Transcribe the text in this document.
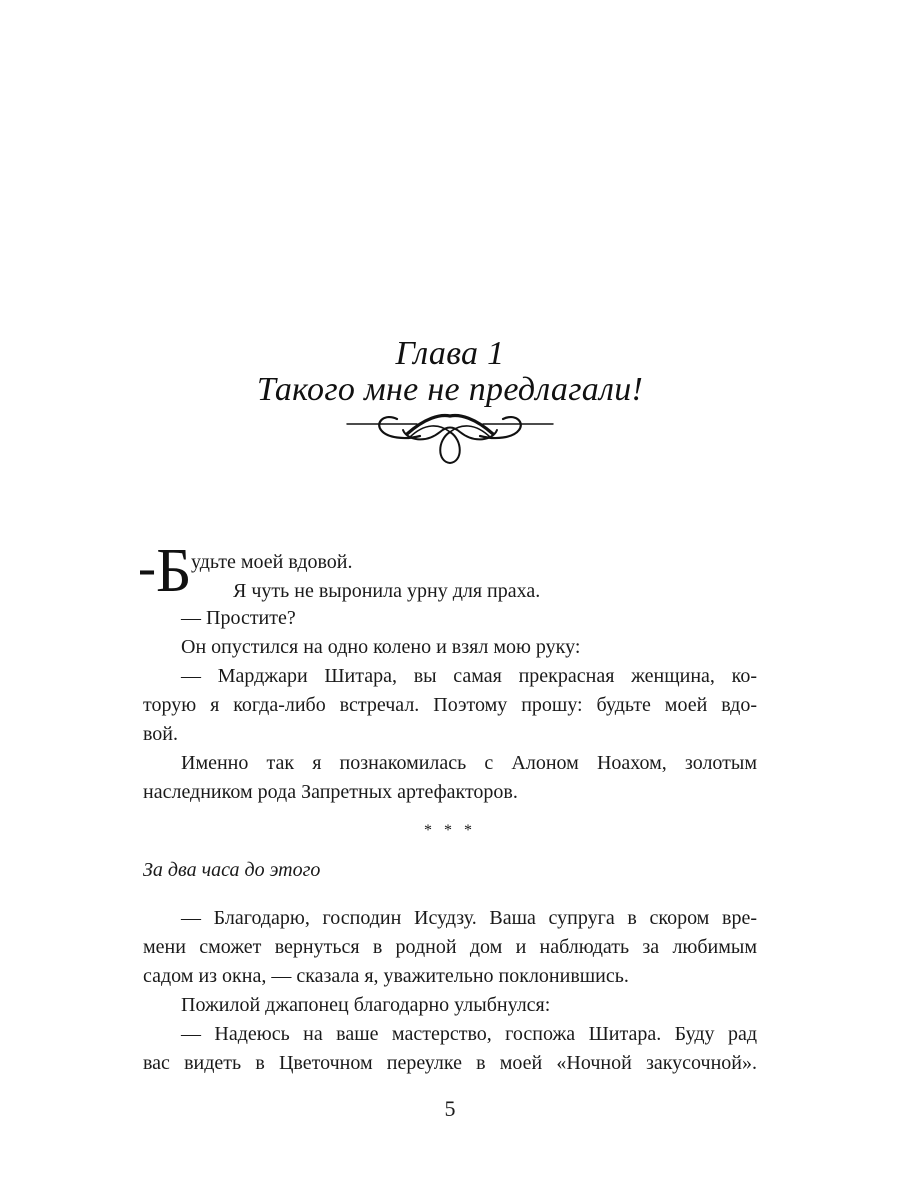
Глава 1
Такого мне не предлагали!
-Б удьте моей вдовой.
Я чуть не выронила урну для праха.
— Простите?
Он опустился на одно колено и взял мою руку:
— Марджари Шитара, вы самая прекрасная женщина, ко-
торую я когда-либо встречал. Поэтому прошу: будьте моей вдо-
вой.
Именно так я познакомилась с Алоном Ноахом, золотым
наследником рода Запретных артефакторов.
* * *
За два часа до этого
— Благодарю, господин Исудзу. Ваша супруга в скором вре-
мени сможет вернуться в родной дом и наблюдать за любимым
садом из окна, — сказала я, уважительно поклонившись.
Пожилой джапонец благодарно улыбнулся:
— Надеюсь на ваше мастерство, госпожа Шитара. Буду рад
вас видеть в Цветочном переулке в моей «Ночной закусочной».
5
